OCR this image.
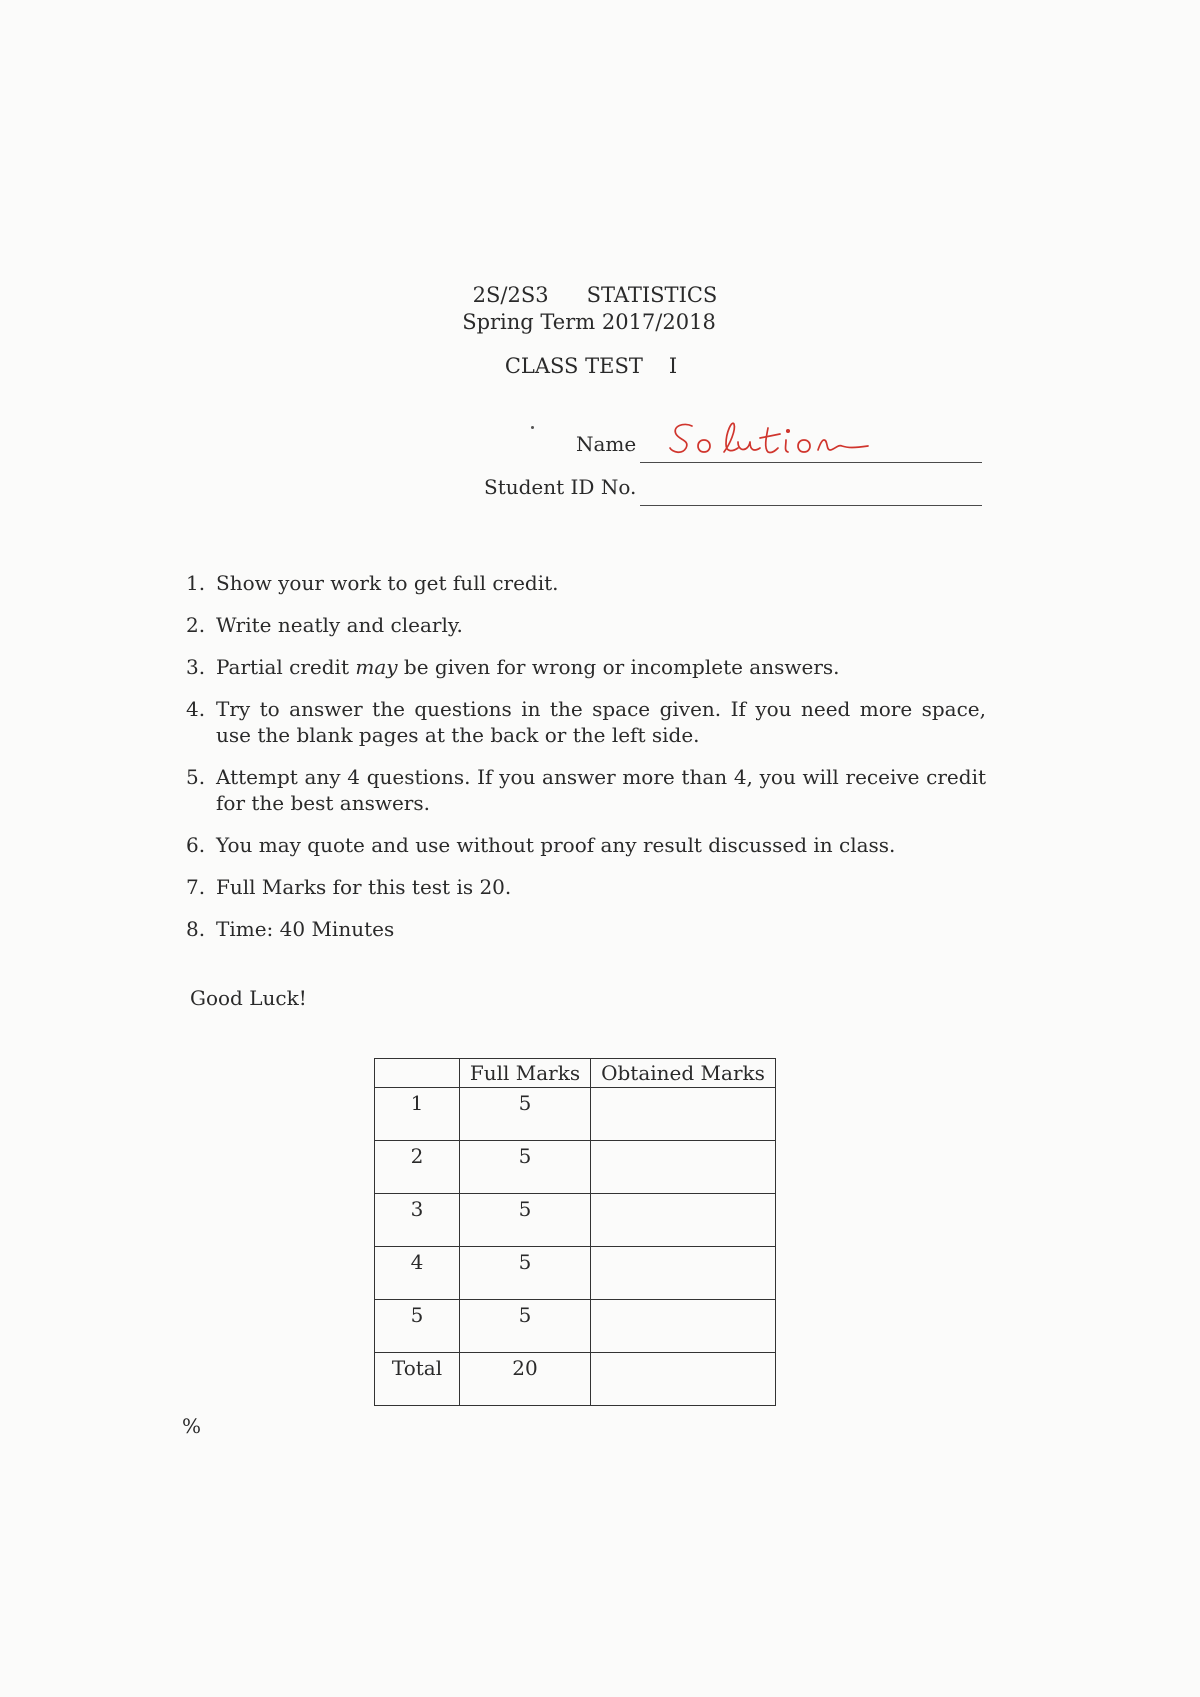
2S/2S3 STATISTICS
Spring Term 2017/2018
CLASS TEST I
Name
Student ID No.
1. Show your work to get full credit.
2. Write neatly and clearly.
3. Partial credit may be given for wrong or incomplete answers.
4. Try to answer the questions in the space given. If you need more space, use the blank pages at the back or the left side.
5. Attempt any 4 questions. If you answer more than 4, you will receive credit for the best answers.
6. You may quote and use without proof any result discussed in class.
7. Full Marks for this test is 20.
8. Time: 40 Minutes
Good Luck!
	Full Marks	Obtained Marks
1	5	
2	5	
3	5	
4	5	
5	5	
Total	20	
%
